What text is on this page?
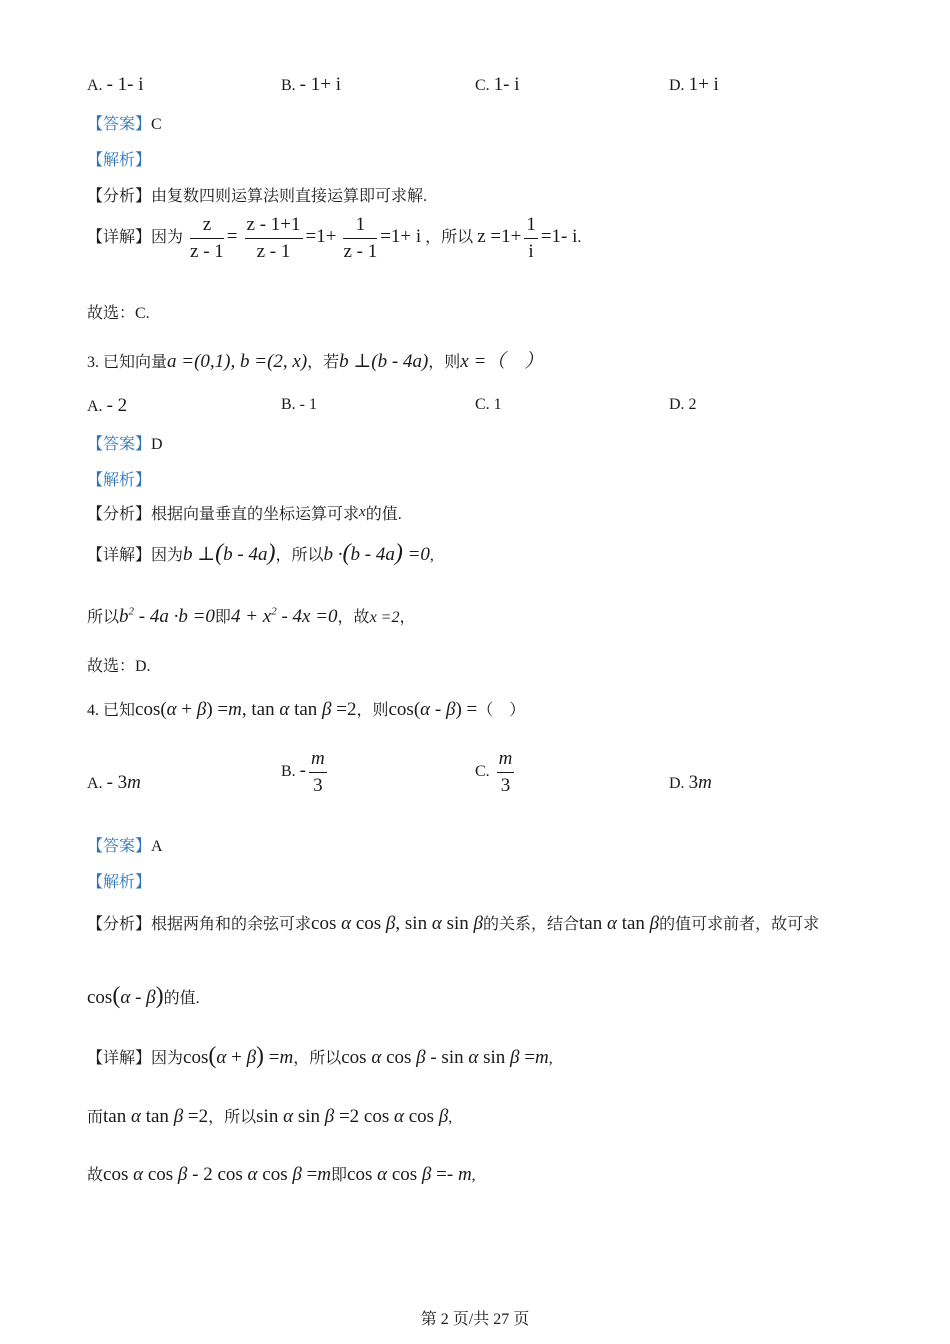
A. - 1- i	B. - 1+ i	C. 1- i	D. 1+ i
【答案】C
【解析】
【分析】由复数四则运算法则直接运算即可求解.
【详解】因为 $\frac{z}{z - 1} = \frac{z - 1+1}{z - 1} =1+ \frac{1}{z - 1} =1+ i$ ，所以 $z =1+ \frac{1}{i} =1-$ i.
故选：C.
3. 已知向量a =(0,1), b =(2, x)，若b ⊥(b - 4a)，则x =（　）
A. - 2	B. - 1	C. 1	D. 2
【答案】D
【解析】
【分析】根据向量垂直的坐标运算可求x的值.
【详解】因为b ⊥(b - 4a)，所以b ·(b - 4a) =0,
所以$b^2 - 4a \cdot b =0$即$4 + x^2 - 4x =0$，故x =2，
故选：D.
4. 已知cos(α + β) =m, tan α tan β =2，则cos(α - β) =（　）
A. - 3m
B. - $\frac{m}{3}$	C. $\frac{m}{3}$	D. 3m
【答案】A
【解析】
【分析】根据两角和的余弦可求cos α cos β, sin α sin β的关系，结合tan α tan β的值可求前者，故可求
cos(α - β)的值.
【详解】因为cos(α + β) =m，所以cos α cos β - sin α sin β =m,
而tan α tan β =2，所以sin α sin β =2 cos α cos β,
故cos α cos β - 2 cos α cos β =m即cos α cos β =- m,
第 2 页/共 27 页
